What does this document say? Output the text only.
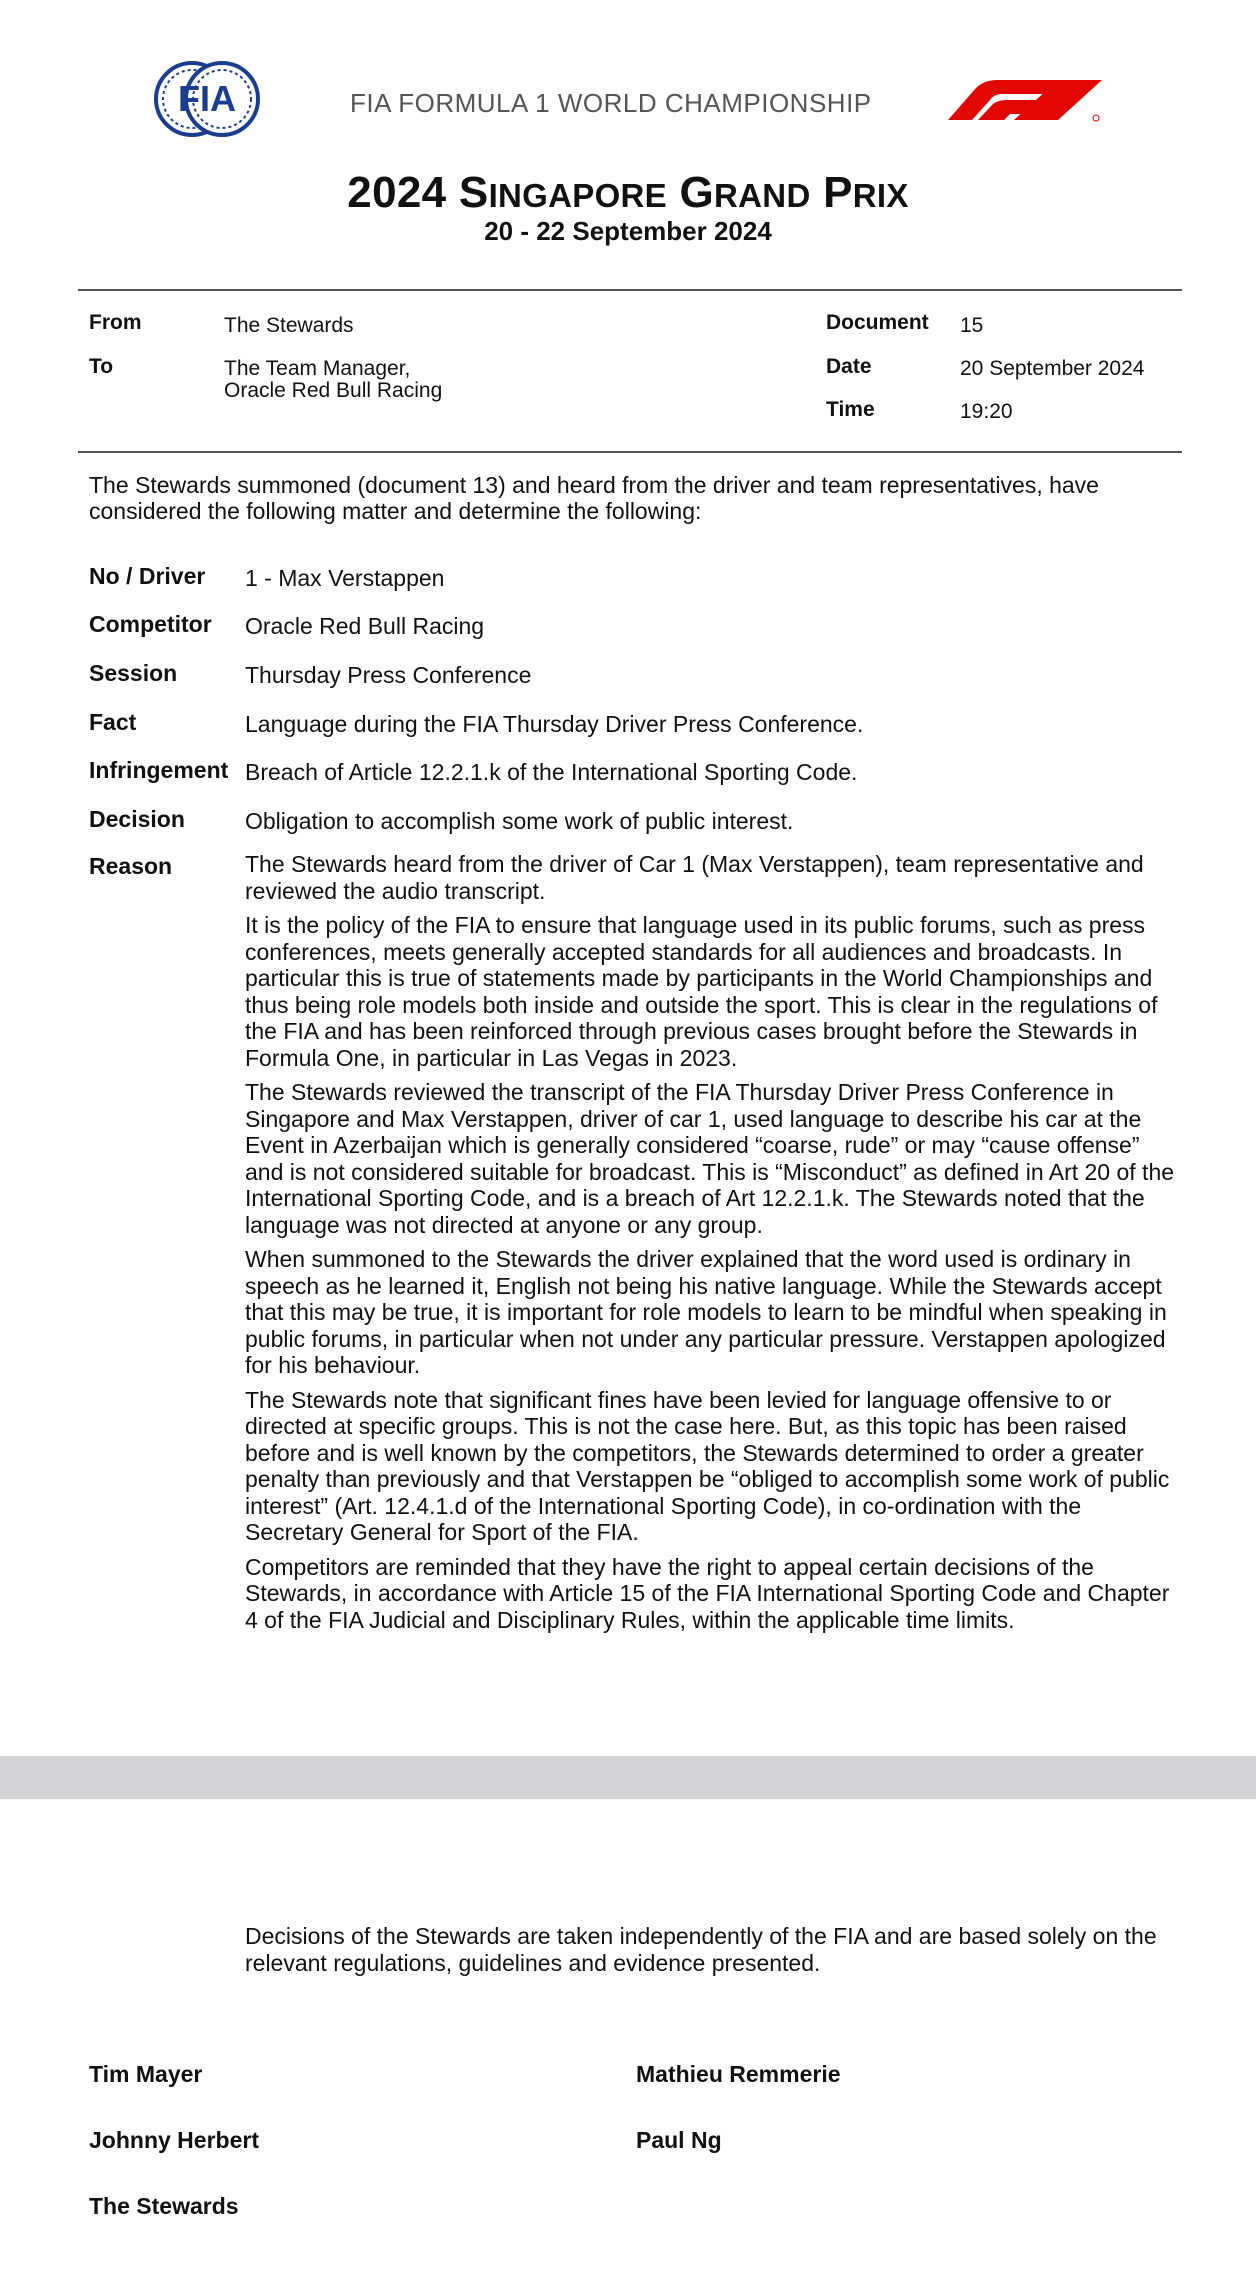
FIA	FIA FORMULA 1 WORLD CHAMPIONSHIP
2024 SINGAPORE GRAND PRIX
20 - 22 September 2024
From	The Stewards
To	The Team Manager,
Oracle Red Bull Racing
Document 15
Date	20 September 2024
Time	19:20
The Stewards summoned (document 13) and heard from the driver and team representatives, have considered the following matter and determine the following:
No / Driver 1 - Max Verstappen
Competitor Oracle Red Bull Racing
Session	Thursday Press Conference
Fact	Language during the FIA Thursday Driver Press Conference.
Infringement Breach of Article 12.2.1.k of the International Sporting Code.
Decision	Obligation to accomplish some work of public interest.
Reason	The Stewards heard from the driver of Car 1 (Max Verstappen), team representative and reviewed the audio transcript.

It is the policy of the FIA to ensure that language used in its public forums, such as press conferences, meets generally accepted standards for all audiences and broadcasts. In particular this is true of statements made by participants in the World Championships and thus being role models both inside and outside the sport. This is clear in the regulations of the FIA and has been reinforced through previous cases brought before the Stewards in Formula One, in particular in Las Vegas in 2023.

The Stewards reviewed the transcript of the FIA Thursday Driver Press Conference in Singapore and Max Verstappen, driver of car 1, used language to describe his car at the Event in Azerbaijan which is generally considered “coarse, rude” or may “cause offense” and is not considered suitable for broadcast. This is “Misconduct” as defined in Art 20 of the International Sporting Code, and is a breach of Art 12.2.1.k. The Stewards noted that the language was not directed at anyone or any group.

When summoned to the Stewards the driver explained that the word used is ordinary in speech as he learned it, English not being his native language. While the Stewards accept that this may be true, it is important for role models to learn to be mindful when speaking in public forums, in particular when not under any particular pressure. Verstappen apologized for his behaviour.

The Stewards note that significant fines have been levied for language offensive to or directed at specific groups. This is not the case here. But, as this topic has been raised before and is well known by the competitors, the Stewards determined to order a greater penalty than previously and that Verstappen be “obliged to accomplish some work of public interest” (Art. 12.4.1.d of the International Sporting Code), in co-ordination with the Secretary General for Sport of the FIA.

Competitors are reminded that they have the right to appeal certain decisions of the Stewards, in accordance with Article 15 of the FIA International Sporting Code and Chapter 4 of the FIA Judicial and Disciplinary Rules, within the applicable time limits.

Decisions of the Stewards are taken independently of the FIA and are based solely on the relevant regulations, guidelines and evidence presented.
Tim Mayer	Mathieu Remmerie
Johnny Herbert	Paul Ng
The Stewards
